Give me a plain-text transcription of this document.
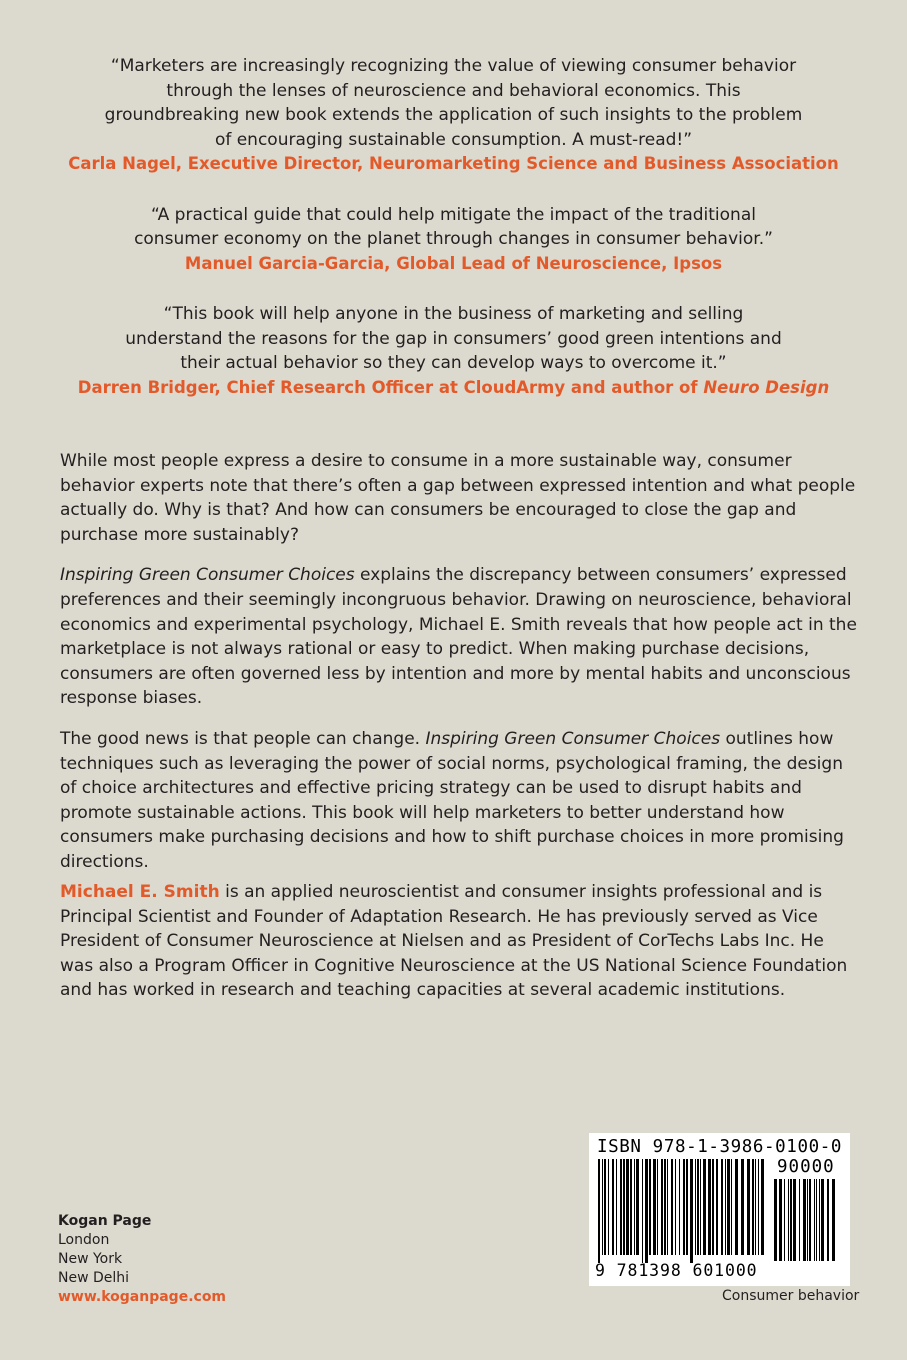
“Marketers are increasingly recognizing the value of viewing consumer behavior through the lenses of neuroscience and behavioral economics. This groundbreaking new book extends the application of such insights to the problem of encouraging sustainable consumption. A must-read!”
Carla Nagel, Executive Director, Neuromarketing Science and Business Association
“A practical guide that could help mitigate the impact of the traditional consumer economy on the planet through changes in consumer behavior.”
Manuel Garcia-Garcia, Global Lead of Neuroscience, Ipsos
“This book will help anyone in the business of marketing and selling understand the reasons for the gap in consumers’ good green intentions and their actual behavior so they can develop ways to overcome it.”
Darren Bridger, Chief Research Officer at CloudArmy and author of Neuro Design

While most people express a desire to consume in a more sustainable way, consumer behavior experts note that there’s often a gap between expressed intention and what people actually do. Why is that? And how can consumers be encouraged to close the gap and purchase more sustainably?

Inspiring Green Consumer Choices explains the discrepancy between consumers’ expressed preferences and their seemingly incongruous behavior. Drawing on neuroscience, behavioral economics and experimental psychology, Michael E. Smith reveals that how people act in the marketplace is not always rational or easy to predict. When making purchase decisions, consumers are often governed less by intention and more by mental habits and unconscious response biases.

The good news is that people can change. Inspiring Green Consumer Choices outlines how techniques such as leveraging the power of social norms, psychological framing, the design of choice architectures and effective pricing strategy can be used to disrupt habits and promote sustainable actions. This book will help marketers to better understand how consumers make purchasing decisions and how to shift purchase choices in more promising directions.

Michael E. Smith is an applied neuroscientist and consumer insights professional and is Principal Scientist and Founder of Adaptation Research. He has previously served as Vice President of Consumer Neuroscience at Nielsen and as President of CorTechs Labs Inc. He was also a Program Officer in Cognitive Neuroscience at the US National Science Foundation and has worked in research and teaching capacities at several academic institutions.

Kogan Page
London
New York
New Delhi
www.koganpage.com
ISBN 978-1-3986-0100-0
90000
9 781398 601000
Consumer behavior
